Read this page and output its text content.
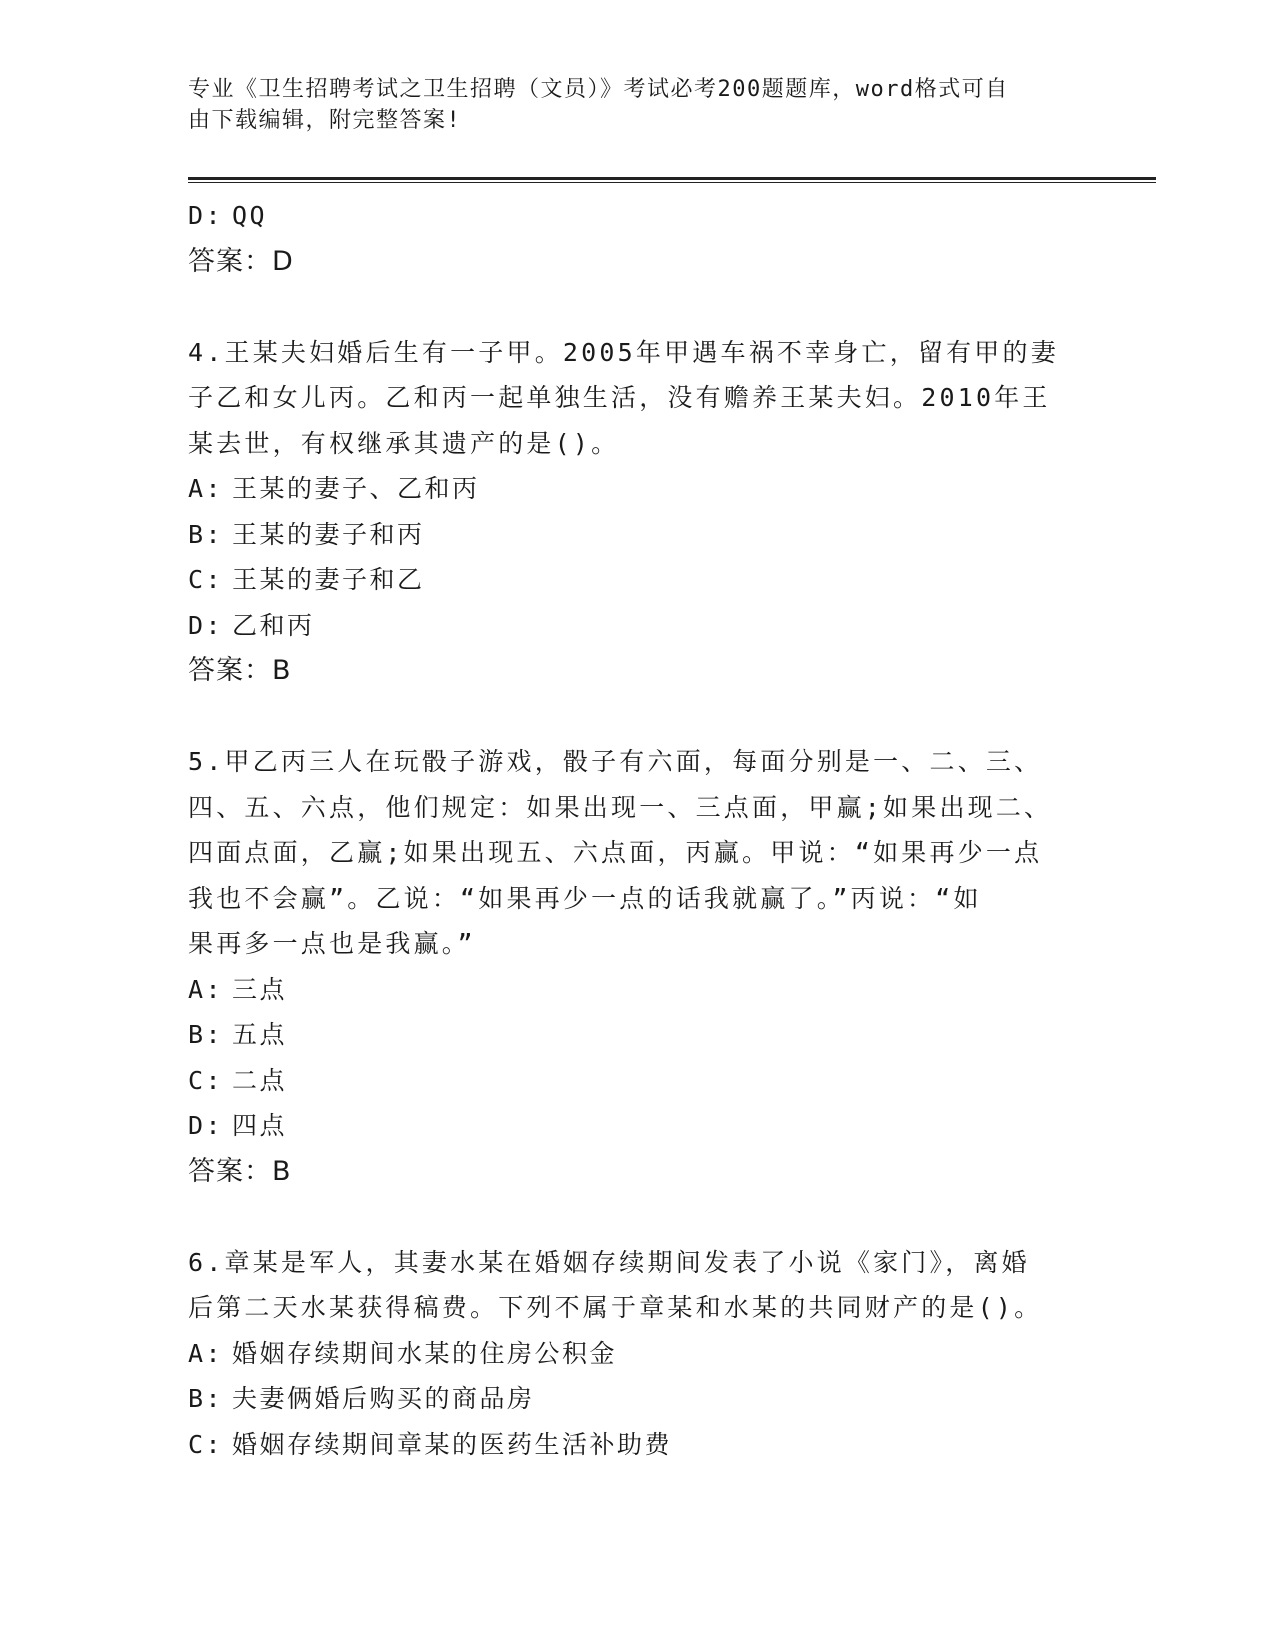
专业《卫生招聘考试之卫生招聘（文员）》考试必考200题题库，word格式可自
由下载编辑，附完整答案!
D: QQ
答案：D
4.王某夫妇婚后生有一子甲。2005年甲遇车祸不幸身亡，留有甲的妻
子乙和女儿丙。乙和丙一起单独生活，没有赡养王某夫妇。2010年王
某去世，有权继承其遗产的是()。
A: 王某的妻子、乙和丙
B: 王某的妻子和丙
C: 王某的妻子和乙
D: 乙和丙
答案：B
5.甲乙丙三人在玩骰子游戏，骰子有六面，每面分别是一、二、三、
四、五、六点，他们规定：如果出现一、三点面，甲赢;如果出现二、
四面点面，乙赢;如果出现五、六点面，丙赢。甲说：“如果再少一点
我也不会赢”。乙说：“如果再少一点的话我就赢了。”丙说：“如
果再多一点也是我赢。”
A: 三点
B: 五点
C: 二点
D: 四点
答案：B
6.章某是军人，其妻水某在婚姻存续期间发表了小说《家门》，离婚
后第二天水某获得稿费。下列不属于章某和水某的共同财产的是()。
A: 婚姻存续期间水某的住房公积金
B: 夫妻俩婚后购买的商品房
C: 婚姻存续期间章某的医药生活补助费
